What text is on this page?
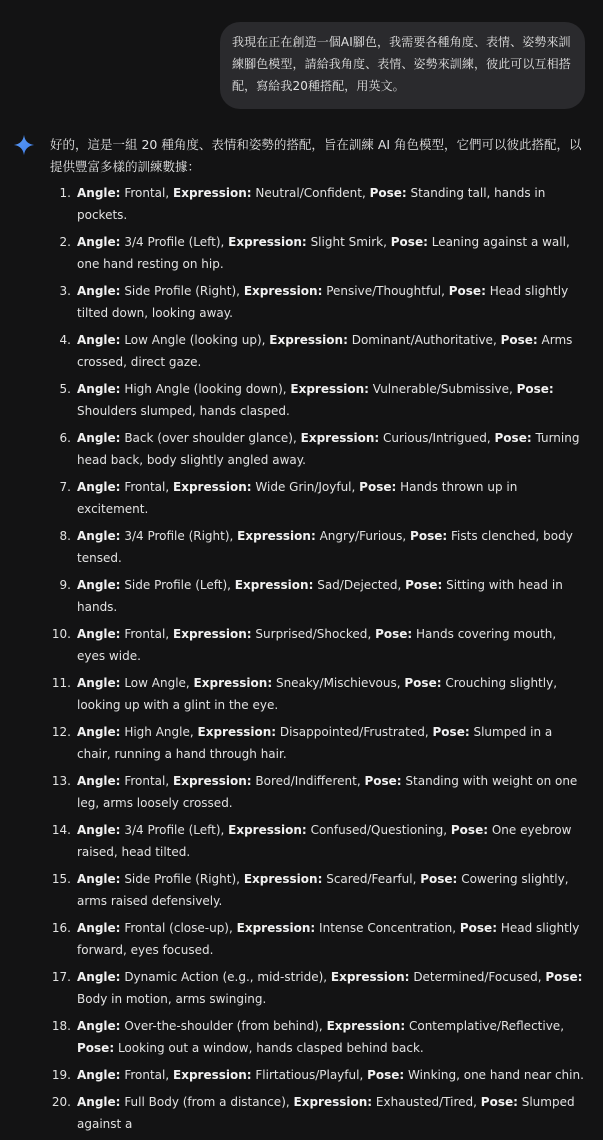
我現在正在創造一個AI腳色，我需要各種角度、表情、姿勢來訓練腳色模型，請給我角度、表情、姿勢來訓練，彼此可以互相搭配，寫給我20種搭配，用英文。
好的，這是一組 20 種角度、表情和姿勢的搭配，旨在訓練 AI 角色模型，它們可以彼此搭配，以提供豐富多樣的訓練數據：
1. Angle: Frontal, Expression: Neutral/Confident, Pose: Standing tall, hands in pockets.
2. Angle: 3/4 Profile (Left), Expression: Slight Smirk, Pose: Leaning against a wall, one hand resting on hip.
3. Angle: Side Profile (Right), Expression: Pensive/Thoughtful, Pose: Head slightly tilted down, looking away.
4. Angle: Low Angle (looking up), Expression: Dominant/Authoritative, Pose: Arms crossed, direct gaze.
5. Angle: High Angle (looking down), Expression: Vulnerable/Submissive, Pose: Shoulders slumped, hands clasped.
6. Angle: Back (over shoulder glance), Expression: Curious/Intrigued, Pose: Turning head back, body slightly angled away.
7. Angle: Frontal, Expression: Wide Grin/Joyful, Pose: Hands thrown up in excitement.
8. Angle: 3/4 Profile (Right), Expression: Angry/Furious, Pose: Fists clenched, body tensed.
9. Angle: Side Profile (Left), Expression: Sad/Dejected, Pose: Sitting with head in hands.
10. Angle: Frontal, Expression: Surprised/Shocked, Pose: Hands covering mouth, eyes wide.
11. Angle: Low Angle, Expression: Sneaky/Mischievous, Pose: Crouching slightly, looking up with a glint in the eye.
12. Angle: High Angle, Expression: Disappointed/Frustrated, Pose: Slumped in a chair, running a hand through hair.
13. Angle: Frontal, Expression: Bored/Indifferent, Pose: Standing with weight on one leg, arms loosely crossed.
14. Angle: 3/4 Profile (Left), Expression: Confused/Questioning, Pose: One eyebrow raised, head tilted.
15. Angle: Side Profile (Right), Expression: Scared/Fearful, Pose: Cowering slightly, arms raised defensively.
16. Angle: Frontal (close-up), Expression: Intense Concentration, Pose: Head slightly forward, eyes focused.
17. Angle: Dynamic Action (e.g., mid-stride), Expression: Determined/Focused, Pose: Body in motion, arms swinging.
18. Angle: Over-the-shoulder (from behind), Expression: Contemplative/Reflective, Pose: Looking out a window, hands clasped behind back.
19. Angle: Frontal, Expression: Flirtatious/Playful, Pose: Winking, one hand near chin.
20. Angle: Full Body (from a distance), Expression: Exhausted/Tired, Pose: Slumped against a
